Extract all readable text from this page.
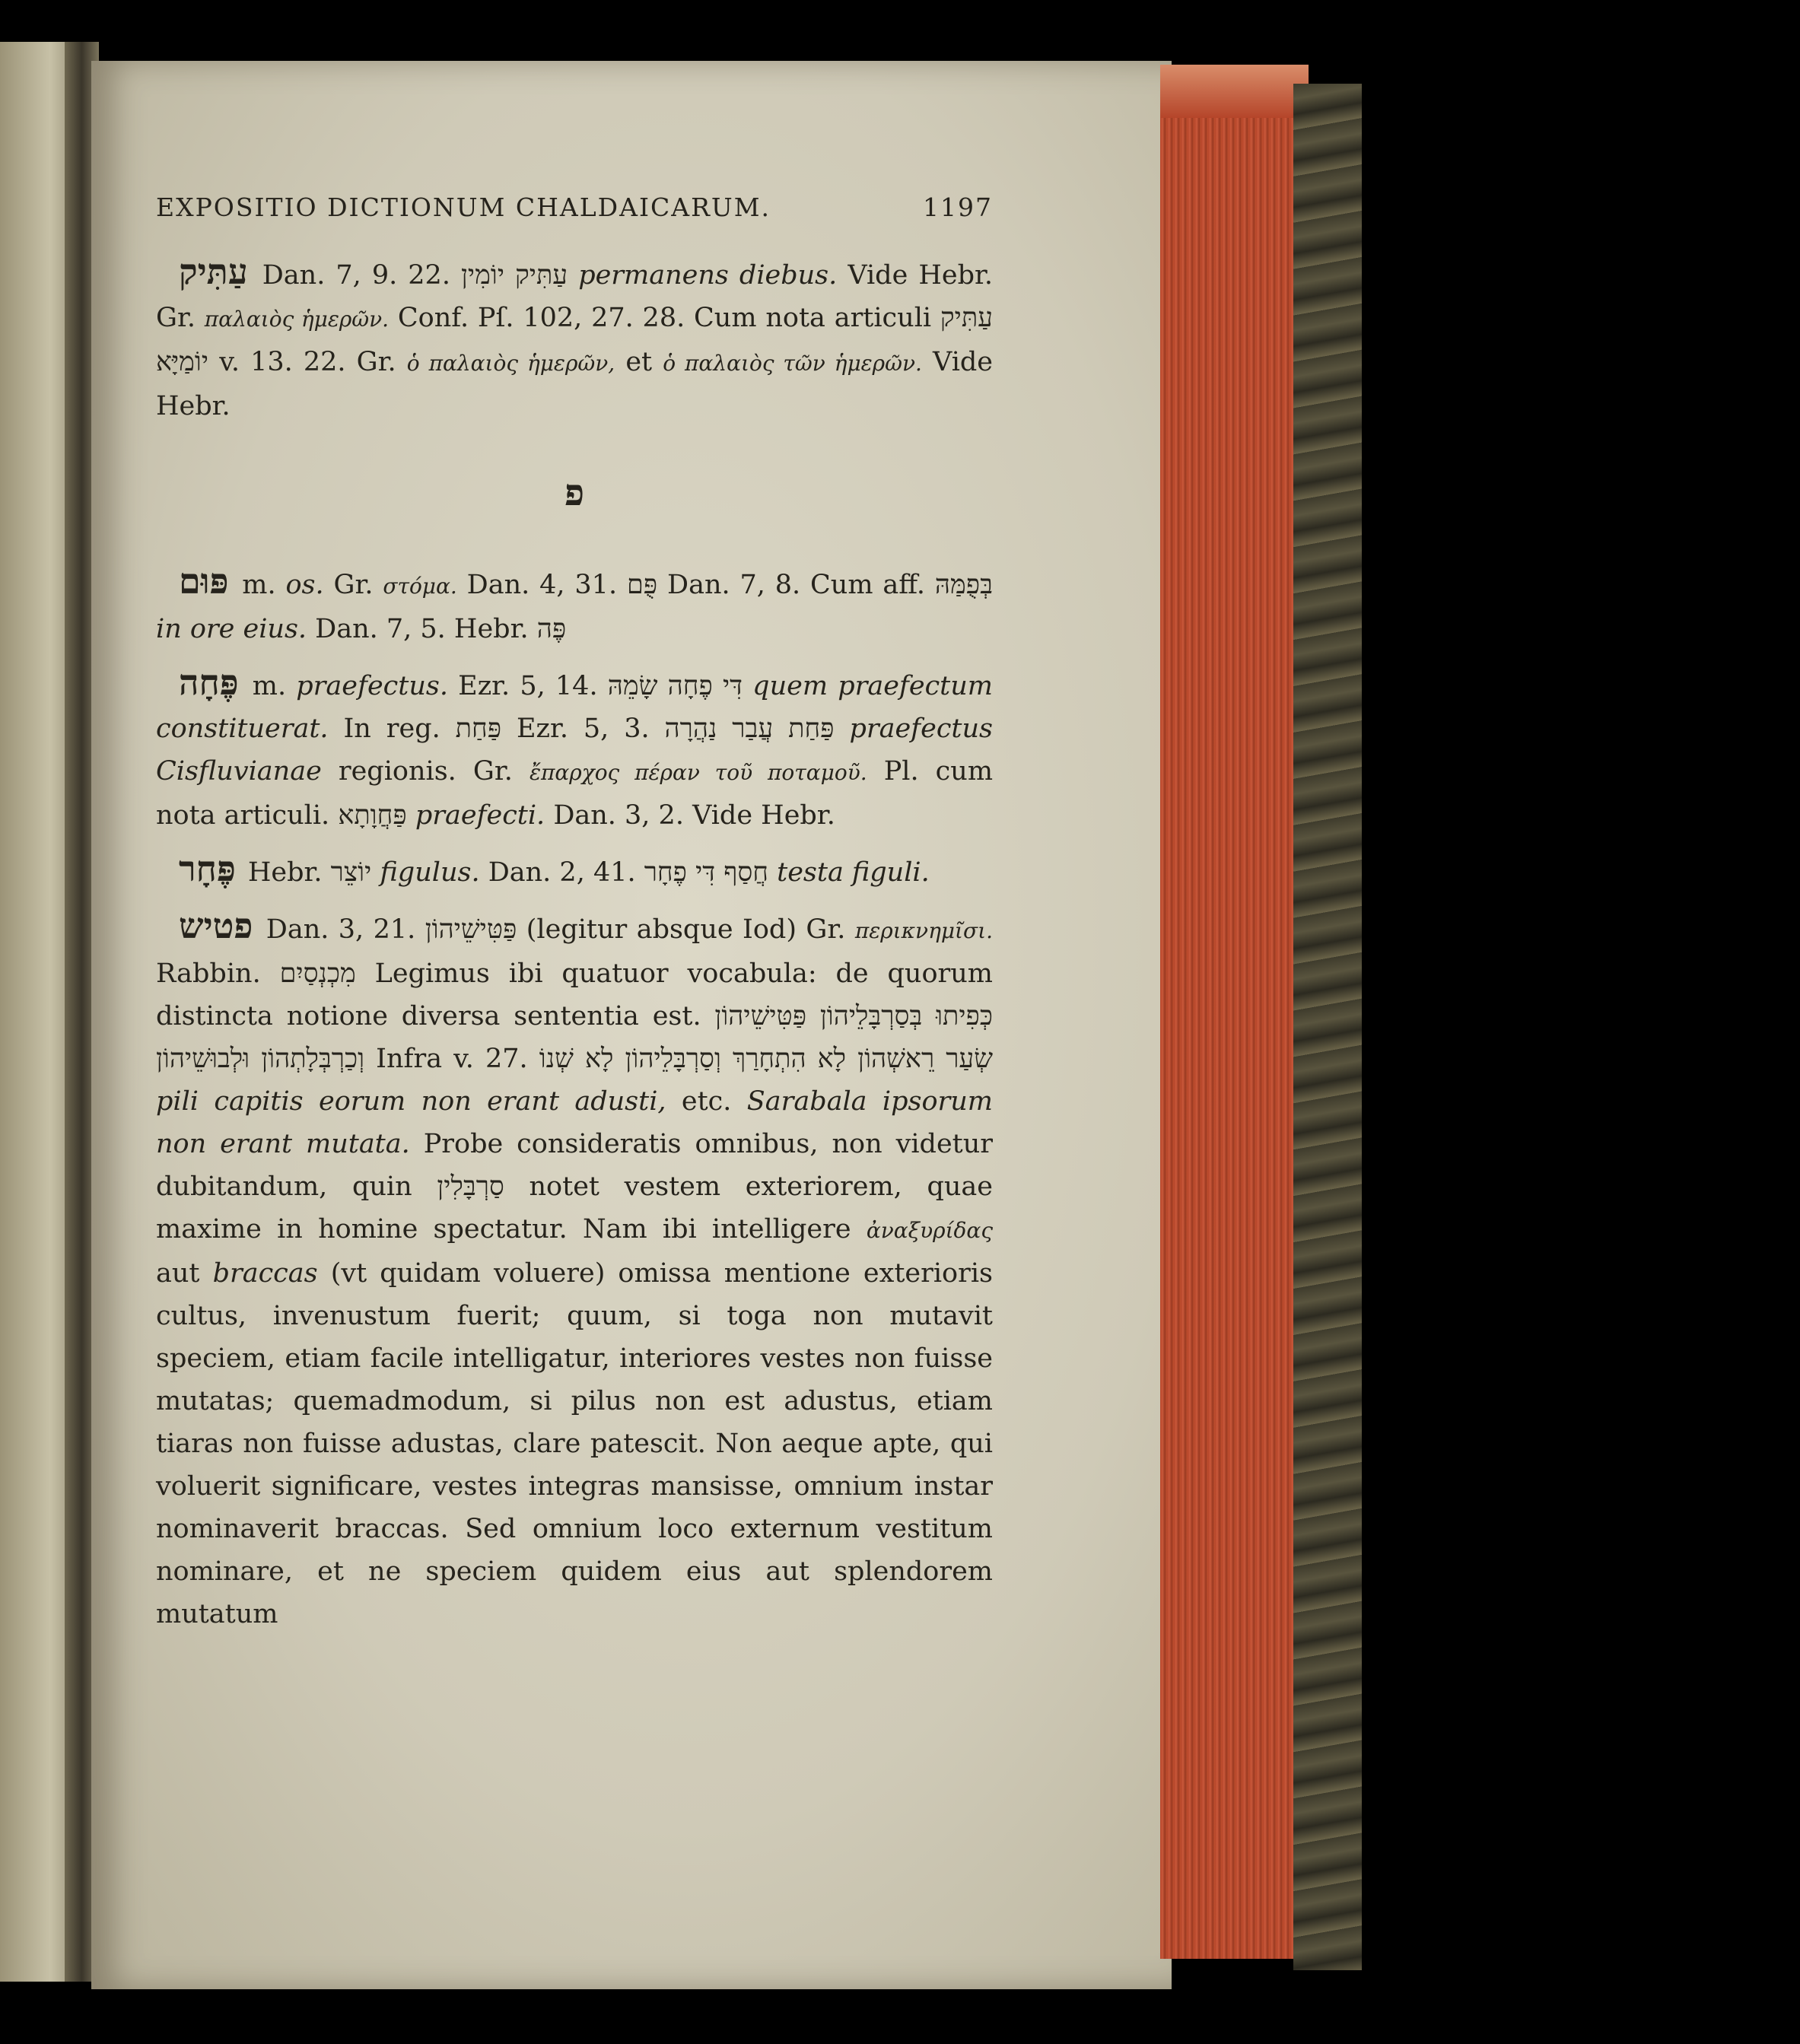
EXPOSITIO DICTIONUM CHALDAICARUM.	1197

עַתִּיק Dan. 7, 9. 22. עַתִּיק יוֹמִין permanens diebus. Vide Hebr. Gr. παλαιὸς ἡμερῶν. Conf. Pſ. 102, 27. 28. Cum nota articuli עַתִּיק יוֹמַיָּא v. 13. 22. Gr. ὁ παλαιὸς ἡμερῶν, et ὁ παλαιὸς τῶν ἡμερῶν. Vide Hebr.

פ

פּוּם m. os. Gr. στόμα. Dan. 4, 31. פֻּם Dan. 7, 8. Cum aff. בְּפֻמַּהּ in ore eius. Dan. 7, 5. Hebr. פֶּה

פֶּחָה m. praefectus. Ezr. 5, 14. דִּי פֶחָה שָׂמֵהּ quem praefectum constituerat. In reg. פַּחַת Ezr. 5, 3. פַּחַת עֲבַר נַהֲרָה praefectus Cisfluvianae regionis. Gr. ἔπαρχος πέραν τοῦ ποταμοῦ. Pl. cum nota articuli. פַּחֲוָתָא praefecti. Dan. 3, 2. Vide Hebr.

פֶּחָר Hebr. יוֹצֵר figulus. Dan. 2, 41. חֲסַף דִּי פֶחָר testa figuli.

פטיש Dan. 3, 21. פַּטִּישֵׁיהוֹן (legitur absque Iod) Gr. περικνημῖσι. Rabbin. מִכְנְסַיִם Legimus ibi quatuor vocabula: de quorum distincta notione diversa sententia est. כְּפִיתוּ בְּסַרְבָּלֵיהוֹן פַּטִּישֵׁיהוֹן וְכַרְבְּלָתְהוֹן וּלְבוּשֵׁיהוֹן Infra v. 27. שְׂעַר רֵאשְׁהוֹן לָא הִתְחָרַךְ וְסַרְבָּלֵיהוֹן לָא שְׁנוֹ pili capitis eorum non erant adusti, etc. Sarabala ipsorum non erant mutata. Probe consideratis omnibus, non videtur dubitandum, quin סַרְבָּלִין notet vestem exteriorem, quae maxime in homine spectatur. Nam ibi intelligere ἀναξυρίδας aut braccas (vt quidam voluere) omissa mentione exterioris cultus, invenustum fuerit; quum, si toga non mutavit speciem, etiam facile intelligatur, interiores vestes non fuisse mutatas; quemadmodum, si pilus non est adustus, etiam tiaras non fuisse adustas, clare patescit. Non aeque apte, qui voluerit significare, vestes integras mansisse, omnium instar nominaverit braccas. Sed omnium loco externum vestitum nominare, et ne speciem quidem eius aut splendorem mutatum
